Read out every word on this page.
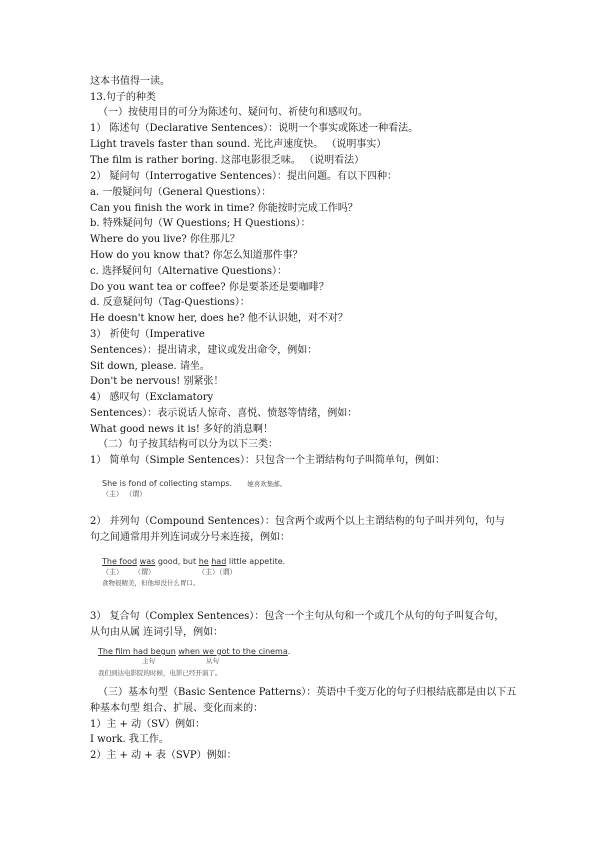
这本书值得一读。

13.句子的种类

（一）按使用目的可分为陈述句、疑问句、祈使句和感叹句。

1） 陈述句（Declarative Sentences）：说明一个事实或陈述一种看法。

Light travels faster than sound. 光比声速度快。 （说明事实）

The film is rather boring. 这部电影很乏味。 （说明看法）

2） 疑问句（Interrogative Sentences）：提出问题。有以下四种：

a. 一般疑问句（General Questions）：

Can you finish the work in time? 你能按时完成工作吗？

b. 特殊疑问句（W Questions; H Questions）：

Where do you live? 你住那儿？

How do you know that? 你怎么知道那件事？

c. 选择疑问句（Alternative Questions）：

Do you want tea or coffee? 你是要茶还是要咖啡？

d. 反意疑问句（Tag-Questions）：

He doesn't know her, does he? 他不认识她，对不对？

3） 祈使句（Imperative

Sentences）：提出请求，建议或发出命令，例如：

Sit down, please. 请坐。

Don't be nervous! 别紧张！

4） 感叹句（Exclamatory

Sentences）：表示说话人惊奇、喜悦、愤怒等情绪，例如：

What good news it is! 多好的消息啊！

（二）句子按其结构可以分为以下三类：

1） 简单句（Simple Sentences）：只包含一个主谓结构句子叫简单句，例如：

She is fond of collecting stamps. 她喜欢集邮。
（主） （谓）

2） 并列句（Compound Sentences）：包含两个或两个以上主谓结构的句子叫并列句，句与

句之间通常用并列连词或分号来连接，例如：

The food was good, but he had little appetite.
（主） （谓）	（主）（谓）
食物很精美，但他却没什么胃口。

3） 复合句（Complex Sentences）：包含一个主句从句和一个或几个从句的句子叫复合句，

从句由从属 连词引导，例如：

The film had begun when we got to the cinema.
主句	从句
我们到达电影院的时候，电影已经开演了。

（三）基本句型（Basic Sentence Patterns）：英语中千变万化的句子归根结底都是由以下五

种基本句型 组合、扩展、变化而来的：

1）主 + 动（SV）例如：

I work. 我工作。

2）主 + 动 + 表（SVP）例如：
